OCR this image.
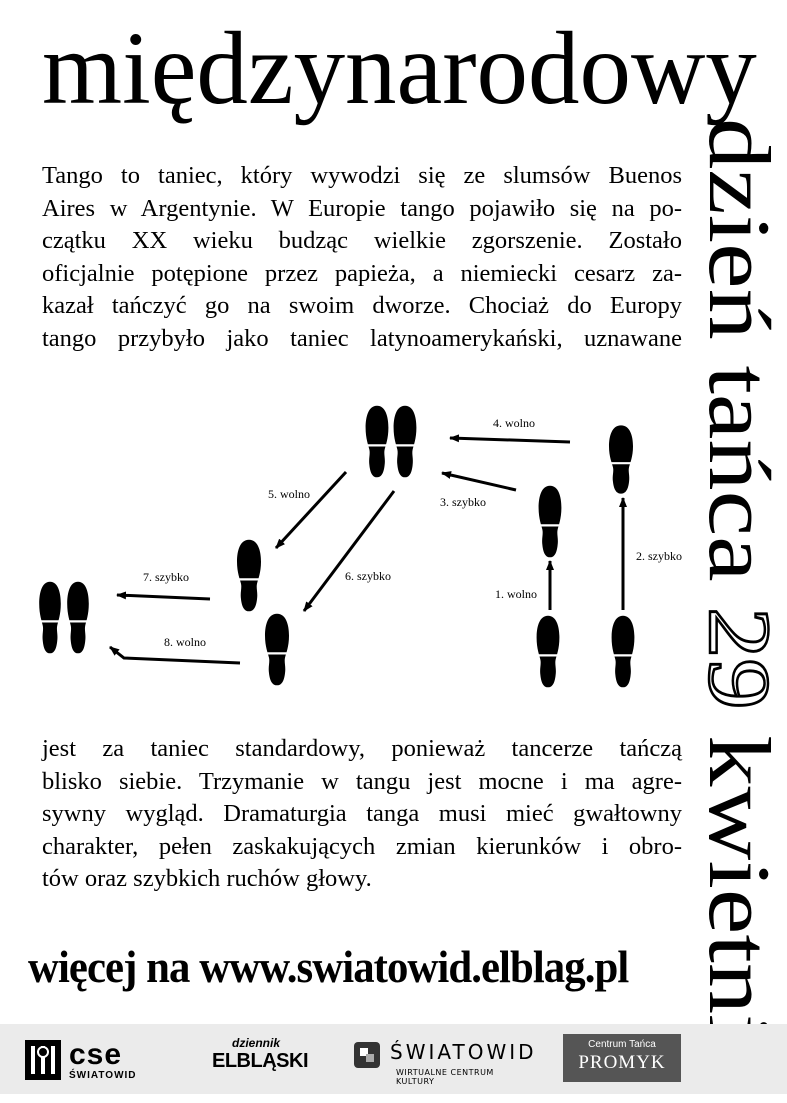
międzynarodowy
dzień tańca 29 kwietnia
Tango to taniec, który wywodzi się ze slumsów Buenos
Aires w Argentynie. W Europie tango pojawiło się na po-
czątku XX wieku budząc wielkie zgorszenie. Zostało
oficjalnie potępione przez papieża, a niemiecki cesarz za-
kazał tańczyć go na swoim dworze. Chociaż do Europy
tango przybyło jako taniec latynoamerykański, uznawane
1. wolno
2. szybko
3. szybko
4. wolno
5. wolno
6. szybko
7. szybko
8. wolno
jest za taniec standardowy, ponieważ tancerze tańczą
blisko siebie. Trzymanie w tangu jest mocne i ma agre-
sywny wygląd. Dramaturgia tanga musi mieć gwałtowny
charakter, pełen zaskakujących zmian kierunków i obro-
tów oraz szybkich ruchów głowy.

więcej na www.swiatowid.elblag.pl

cse
ŚWIATOWID
dziennik
ELBLĄSKI	ŚWIATOWID
WIRTUALNE CENTRUM KULTURY
Centrum Tańca
PROMYK
